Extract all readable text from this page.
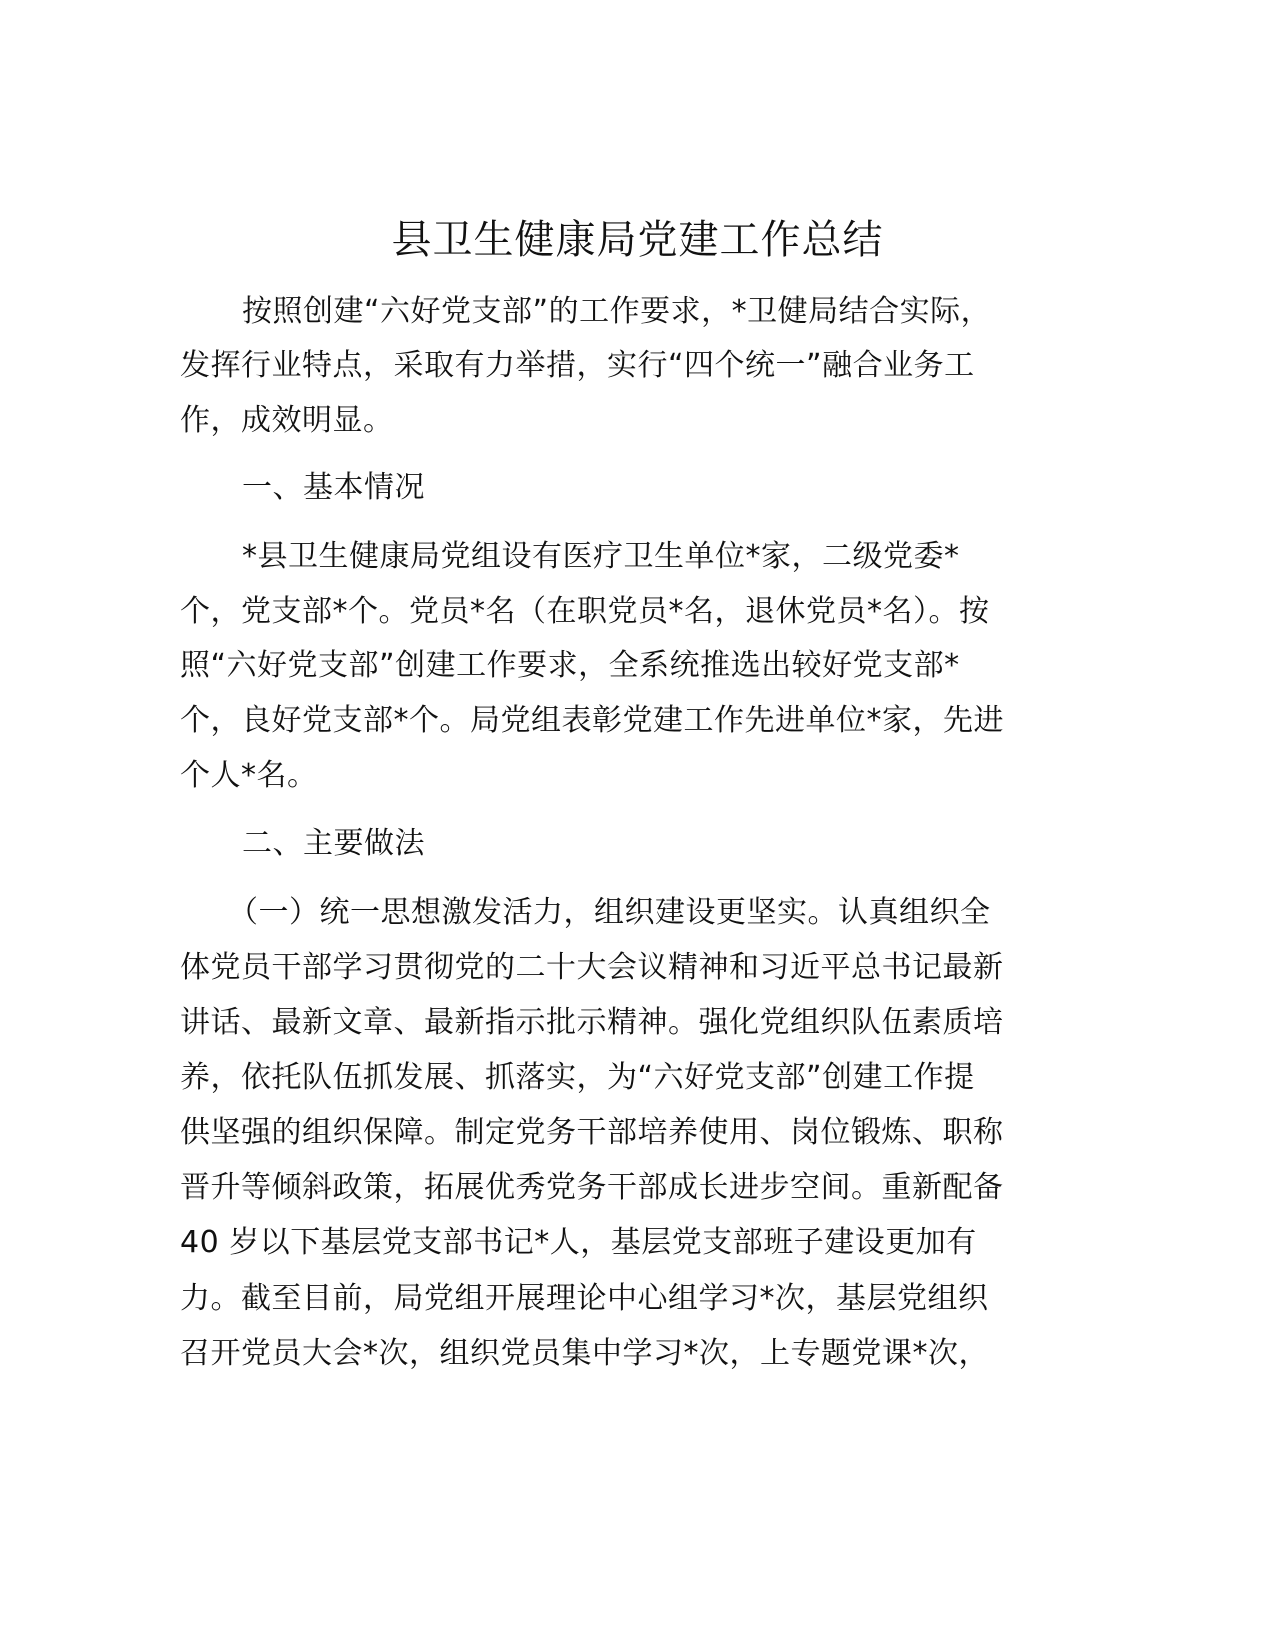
县卫生健康局党建工作总结
按照创建“六好党支部”的工作要求，*卫健局结合实际，
发挥行业特点，采取有力举措，实行“四个统一”融合业务工
作，成效明显。
一、基本情况
*县卫生健康局党组设有医疗卫生单位*家，二级党委*
个，党支部*个。党员*名（在职党员*名，退休党员*名）。按
照“六好党支部”创建工作要求，全系统推选出较好党支部*
个，良好党支部*个。局党组表彰党建工作先进单位*家，先进
个人*名。
二、主要做法
（一）统一思想激发活力，组织建设更坚实。认真组织全
体党员干部学习贯彻党的二十大会议精神和习近平总书记最新
讲话、最新文章、最新指示批示精神。强化党组织队伍素质培
养，依托队伍抓发展、抓落实，为“六好党支部”创建工作提
供坚强的组织保障。制定党务干部培养使用、岗位锻炼、职称
晋升等倾斜政策，拓展优秀党务干部成长进步空间。重新配备
40 岁以下基层党支部书记*人，基层党支部班子建设更加有
力。截至目前，局党组开展理论中心组学习*次，基层党组织
召开党员大会*次，组织党员集中学习*次，上专题党课*次，
